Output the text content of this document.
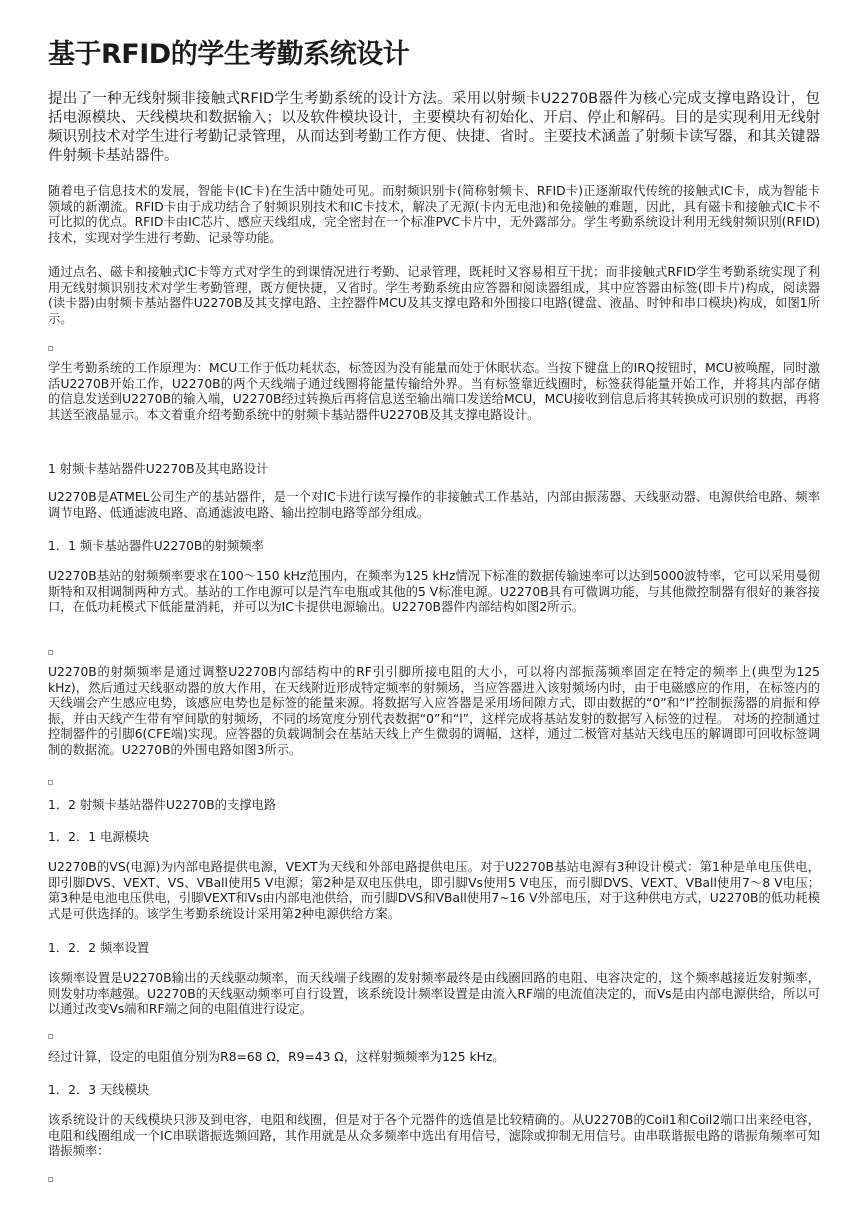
基于RFID的学生考勤系统设计

提出了一种无线射频非接触式RFID学生考勤系统的设计方法。采用以射频卡U2270B器件为核心完成支撑电路设计，包括电源模块、天线模块和数据输入；以及软件模块设计，主要模块有初始化、开启、停止和解码。目的是实现利用无线射频识别技术对学生进行考勤记录管理，从而达到考勤工作方便、快捷、省时。主要技术涵盖了射频卡读写器，和其关键器件射频卡基站器件。

随着电子信息技术的发展，智能卡(IC卡)在生活中随处可见。而射频识别卡(简称射频卡、RFID卡)正逐渐取代传统的接触式IC卡，成为智能卡领域的新潮流。RFID卡由于成功结合了射频识别技术和IC卡技术，解决了无源(卡内无电池)和免接触的难题，因此，具有磁卡和接触式IC卡不可比拟的优点。RFID卡由IC芯片、感应天线组成，完全密封在一个标准PVC卡片中，无外露部分。学生考勤系统设计利用无线射频识别(RFID)技术，实现对学生进行考勤、记录等功能。

通过点名、磁卡和接触式IC卡等方式对学生的到课情况进行考勤、记录管理，既耗时又容易相互干扰；而非接触式RFID学生考勤系统实现了利用无线射频识别技术对学生考勤管理，既方便快捷，又省时。学生考勤系统由应答器和阅读器组成，其中应答器由标签(即卡片)构成，阅读器(读卡器)由射频卡基站器件U2270B及其支撑电路、主控器件MCU及其支撑电路和外围接口电路(键盘、液晶、时钟和串口模块)构成，如图1所示。

学生考勤系统的工作原理为：MCU工作于低功耗状态，标签因为没有能量而处于休眠状态。当按下键盘上的IRQ按钮时，MCU被唤醒，同时激活U2270B开始工作，U2270B的两个天线端子通过线圈将能量传输给外界。当有标签靠近线圈时，标签获得能量开始工作，并将其内部存储的信息发送到U2270B的输入端，U2270B经过转换后再将信息送至输出端口发送给MCU，MCU接收到信息后将其转换成可识别的数据，再将其送至液晶显示。本文着重介绍考勤系统中的射频卡基站器件U2270B及其支撑电路设计。

1 射频卡基站器件U2270B及其电路设计

U2270B是ATMEL公司生产的基站器件，是一个对IC卡进行读写操作的非接触式工作基站，内部由振荡器、天线驱动器、电源供给电路、频率调节电路、低通滤波电路、高通滤波电路、输出控制电路等部分组成。

1．1 频卡基站器件U2270B的射频频率

U2270B基站的射频频率要求在100～150 kHz范围内，在频率为125 kHz情况下标准的数据传输速率可以达到5000波特率，它可以采用曼彻斯特和双相调制两种方式。基站的工作电源可以是汽车电瓶或其他的5 V标准电源。U2270B具有可微调功能，与其他微控制器有很好的兼容接口，在低功耗模式下低能量消耗，并可以为IC卡提供电源输出。U2270B器件内部结构如图2所示。

U2270B的射频频率是通过调整U2270B内部结构中的RF引引脚所接电阻的大小，可以将内部振荡频率固定在特定的频率上(典型为125 kHz)，然后通过天线驱动器的放大作用，在天线附近形成特定频率的射频场，当应答器进入该射频场内时，由于电磁感应的作用，在标签内的天线端会产生感应电势，该感应电势也是标签的能量来源。将数据写入应答器是采用场间隙方式，即由数据的“0”和“l”控制振荡器的肩振和停振，并由天线产生带有窄间歇的射频场，不同的场宽度分别代表数据“0”和“l”，这样完成将基站发射的数据写入标签的过程。 对场的控制通过控制器件的引脚6(CFE端)实现。应答器的负载调制会在基站天线上产生微弱的调幅，这样，通过二极管对基站天线电压的解调即可回收标签调制的数据流。U2270B的外围电路如图3所示。

1．2 射频卡基站器件U2270B的支撑电路

1．2．1 电源模块

U2270B的VS(电源)为内部电路提供电源，VEXT为天线和外部电路提供电压。对于U2270B基站电源有3种设计模式：第1种是单电压供电，即引脚DVS、VEXT、VS、VBall使用5 V电源；第2种是双电压供电，即引脚Vs使用5 V电压，而引脚DVS、VEXT、VBall使用7～8 V电压；第3种是电池电压供电，引脚VEXT和Vs由内部电池供给，而引脚DVS和VBall使用7~16 V外部电压，对于这种供电方式，U2270B的低功耗模式是可供选择的。该学生考勤系统设计采用第2种电源供给方案。

1．2．2 频率设置

该频率设置是U2270B输出的天线驱动频率，而天线端子线圈的发射频率最终是由线圈回路的电阻、电容决定的，这个频率越接近发射频率，则发射功率越强。U2270B的天线驱动频率可自行设置，该系统设计频率设置是由流入RF端的电流值决定的，而Vs是由内部电源供给，所以可以通过改变Vs端和RF端之间的电阻值进行设定。

经过计算，设定的电阻值分别为R8=68 Ω，R9=43 Ω，这样射频频率为125 kHz。

1．2．3 天线模块

该系统设计的天线模块只涉及到电容，电阻和线圈，但是对于各个元器件的选值是比较精确的。从U2270B的Coil1和Coil2端口出来经电容，电阻和线圈组成一个IC串联谐振选频回路，其作用就是从众多频率中选出有用信号，滤除或抑制无用信号。由串联谐振电路的谐振角频率可知谐振频率：
